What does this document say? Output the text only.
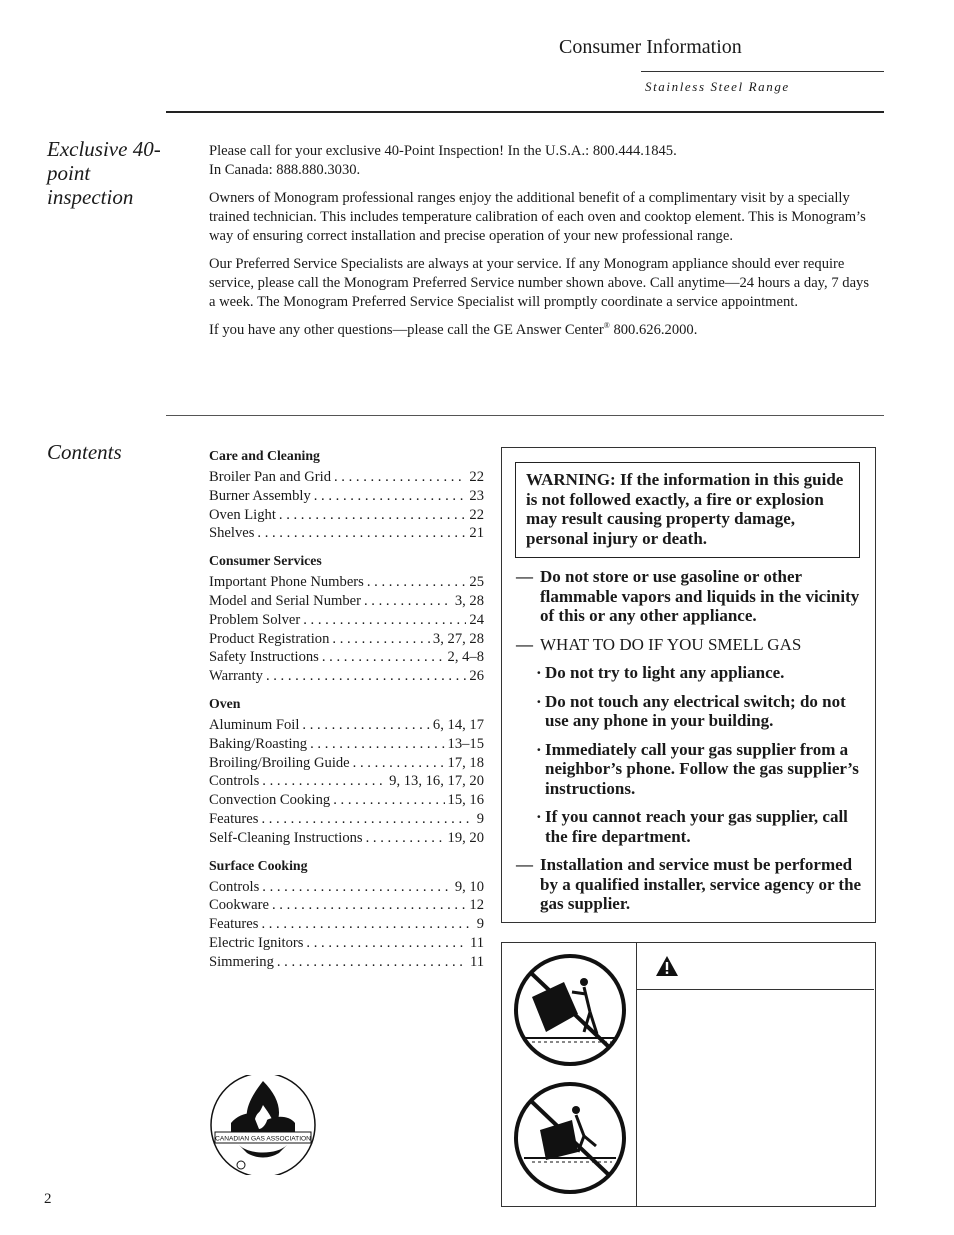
Consumer Information
Stainless Steel Range
Exclusive 40-point inspection

Please call for your exclusive 40-Point Inspection! In the U.S.A.: 800.444.1845.
In Canada: 888.880.3030.

Owners of Monogram professional ranges enjoy the additional benefit of a complimentary visit by a specially trained technician. This includes temperature calibration of each oven and cooktop element. This is Monogram’s way of ensuring correct installation and precise operation of your new professional range.

Our Preferred Service Specialists are always at your service. If any Monogram appliance should ever require service, please call the Monogram Preferred Service number shown above. Call anytime—24 hours a day, 7 days a week. The Monogram Preferred Service Specialist will promptly coordinate a service appointment.

If you have any other questions—please call the GE Answer Center® 800.626.2000.

Contents	Care and Cleaning
Broiler Pan and Grid . . .	22
Burner Assembly . . .	23
Oven Light . . .	22
Shelves . . .	21
Consumer Services
Important Phone Numbers . . .	25
Model and Serial Number . . .	3, 28
Problem Solver . . .	24
Product Registration . . .	3, 27, 28
Safety Instructions . . .	2, 4–8
Warranty . . .	26
Oven
Aluminum Foil . . .	6, 14, 17
Baking/Roasting . . .	13–15
Broiling/Broiling Guide . . .	17, 18
Controls . . .	9, 13, 16, 17, 20
Convection Cooking . . .	15, 16
Features . . .	9
Self-Cleaning Instructions . . .	19, 20
Surface Cooking
Controls . . .	9, 10
Cookware . . .	12
Features . . .	9
Electric Ignitors . . .	11
Simmering . . .	11
WARNING: If the information in this guide is not followed exactly, a fire or explosion may result causing property damage, personal injury or death.
— Do not store or use gasoline or other flammable vapors and liquids in the vicinity of this or any other appliance.
— WHAT TO DO IF YOU SMELL GAS
· Do not try to light any appliance.
· Do not touch any electrical switch; do not use any phone in your building.
· Immediately call your gas supplier from a neighbor’s phone. Follow the gas supplier’s instructions.
· If you cannot reach your gas supplier, call the fire department.
— Installation and service must be performed by a qualified installer, service agency or the gas supplier.
CANADIAN GAS ASSOCIATION
2
